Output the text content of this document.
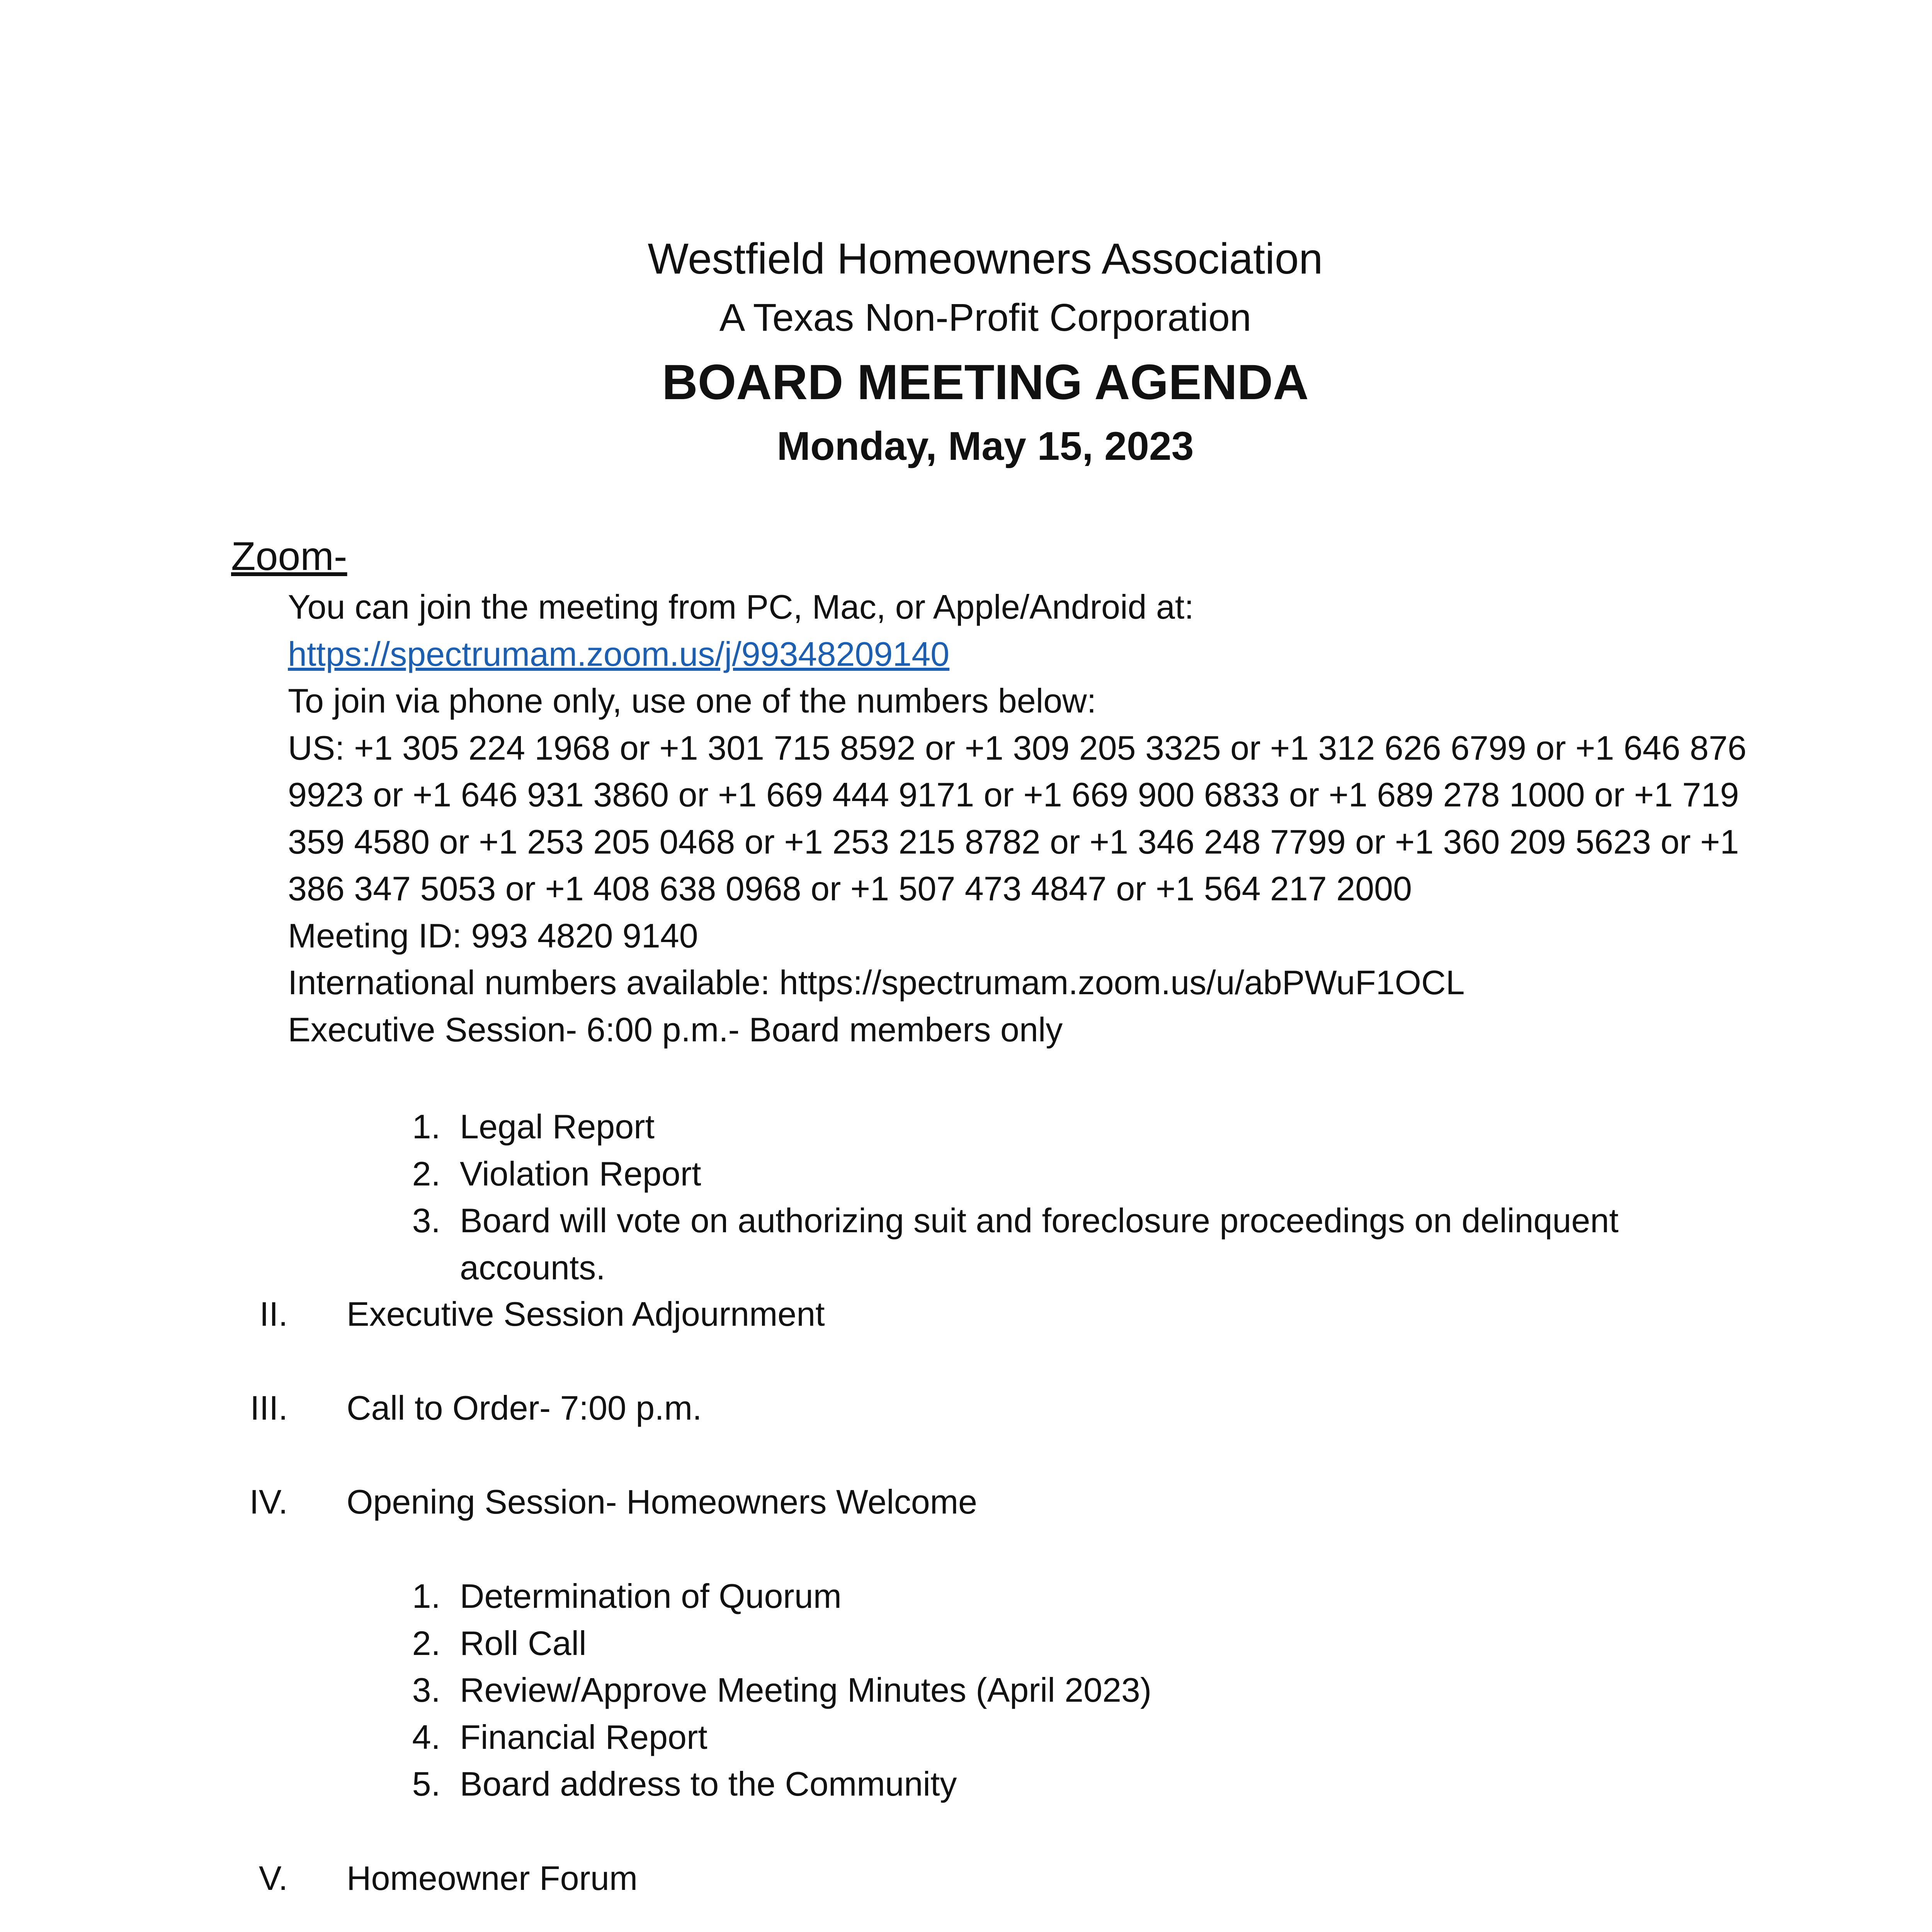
Westfield Homeowners Association
A Texas Non-Profit Corporation
BOARD MEETING AGENDA
Monday, May 15, 2023
Zoom-
You can join the meeting from PC, Mac, or Apple/Android at:
https://spectrumam.zoom.us/j/99348209140
To join via phone only, use one of the numbers below:
US: +1 305 224 1968 or +1 301 715 8592 or +1 309 205 3325 or +1 312 626 6799 or +1 646 876 9923 or +1 646 931 3860 or +1 669 444 9171 or +1 669 900 6833 or +1 689 278 1000 or +1 719 359 4580 or +1 253 205 0468 or +1 253 215 8782 or +1 346 248 7799 or +1 360 209 5623 or +1 386 347 5053 or +1 408 638 0968 or +1 507 473 4847 or +1 564 217 2000
Meeting ID: 993 4820 9140
International numbers available: https://spectrumam.zoom.us/u/abPWuF1OCL
Executive Session- 6:00 p.m.- Board members only
1. Legal Report
2. Violation Report
3. Board will vote on authorizing suit and foreclosure proceedings on delinquent accounts.
II. Executive Session Adjournment
III. Call to Order- 7:00 p.m.
IV. Opening Session- Homeowners Welcome
1. Determination of Quorum
2. Roll Call
3. Review/Approve Meeting Minutes (April 2023)
4. Financial Report
5. Board address to the Community
V. Homeowner Forum
